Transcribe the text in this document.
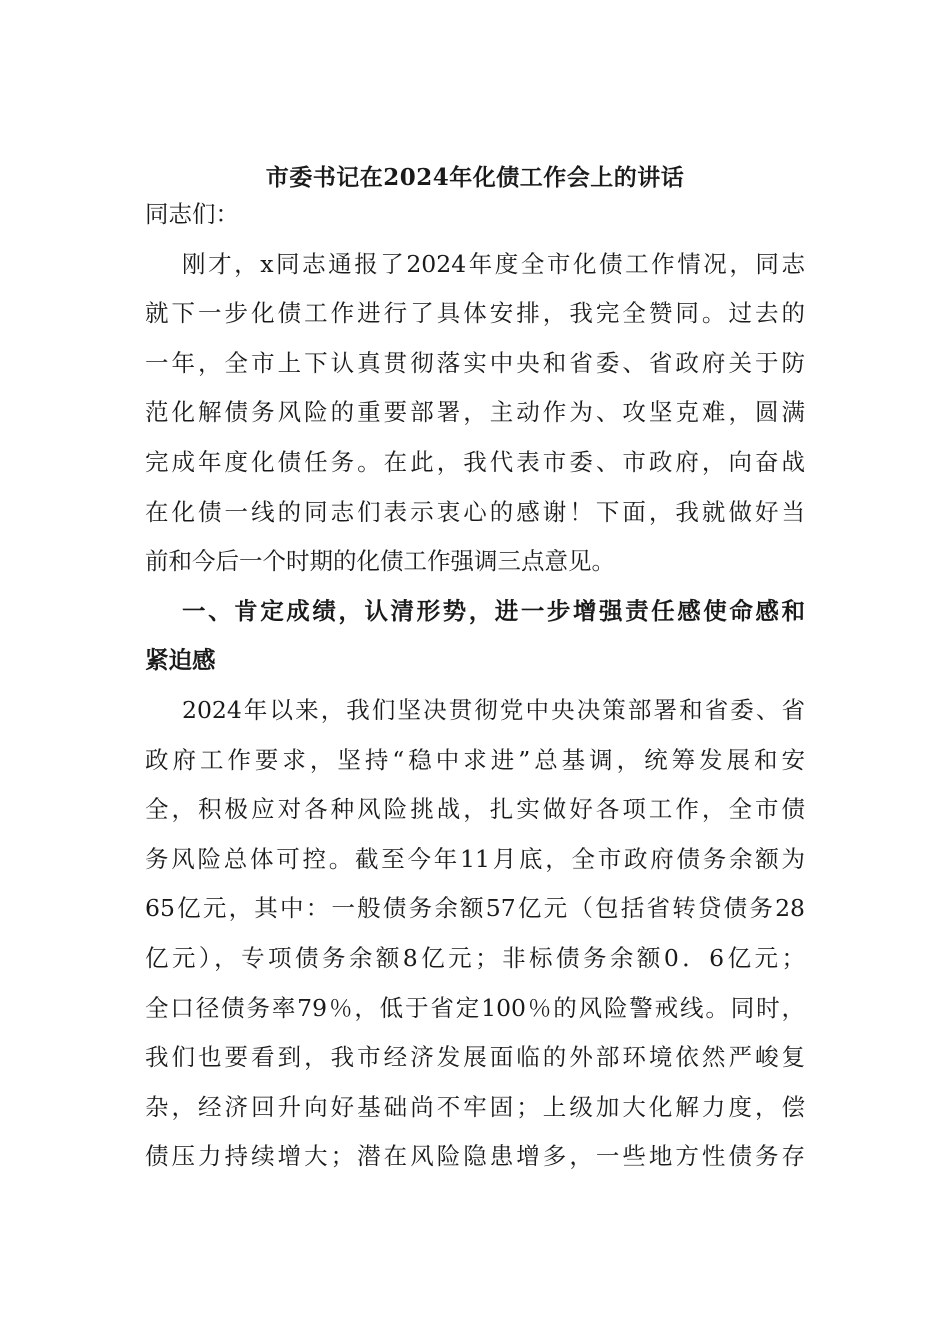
市委书记在2024年化债工作会上的讲话
同志们：
刚才，x同志通报了2024年度全市化债工作情况，同志
就下一步化债工作进行了具体安排，我完全赞同。过去的
一年，全市上下认真贯彻落实中央和省委、省政府关于防
范化解债务风险的重要部署，主动作为、攻坚克难，圆满
完成年度化债任务。在此，我代表市委、市政府，向奋战
在化债一线的同志们表示衷心的感谢！下面，我就做好当
前和今后一个时期的化债工作强调三点意见。
一、肯定成绩，认清形势，进一步增强责任感使命感和
紧迫感
2024年以来，我们坚决贯彻党中央决策部署和省委、省
政府工作要求，坚持“稳中求进”总基调，统筹发展和安
全，积极应对各种风险挑战，扎实做好各项工作，全市债
务风险总体可控。截至今年11月底，全市政府债务余额为
65亿元，其中：一般债务余额57亿元（包括省转贷债务28
亿元），专项债务余额8亿元；非标债务余额0．6亿元；
全口径债务率79％，低于省定100％的风险警戒线。同时，
我们也要看到，我市经济发展面临的外部环境依然严峻复
杂，经济回升向好基础尚不牢固；上级加大化解力度，偿
债压力持续增大；潜在风险隐患增多，一些地方性债务存
